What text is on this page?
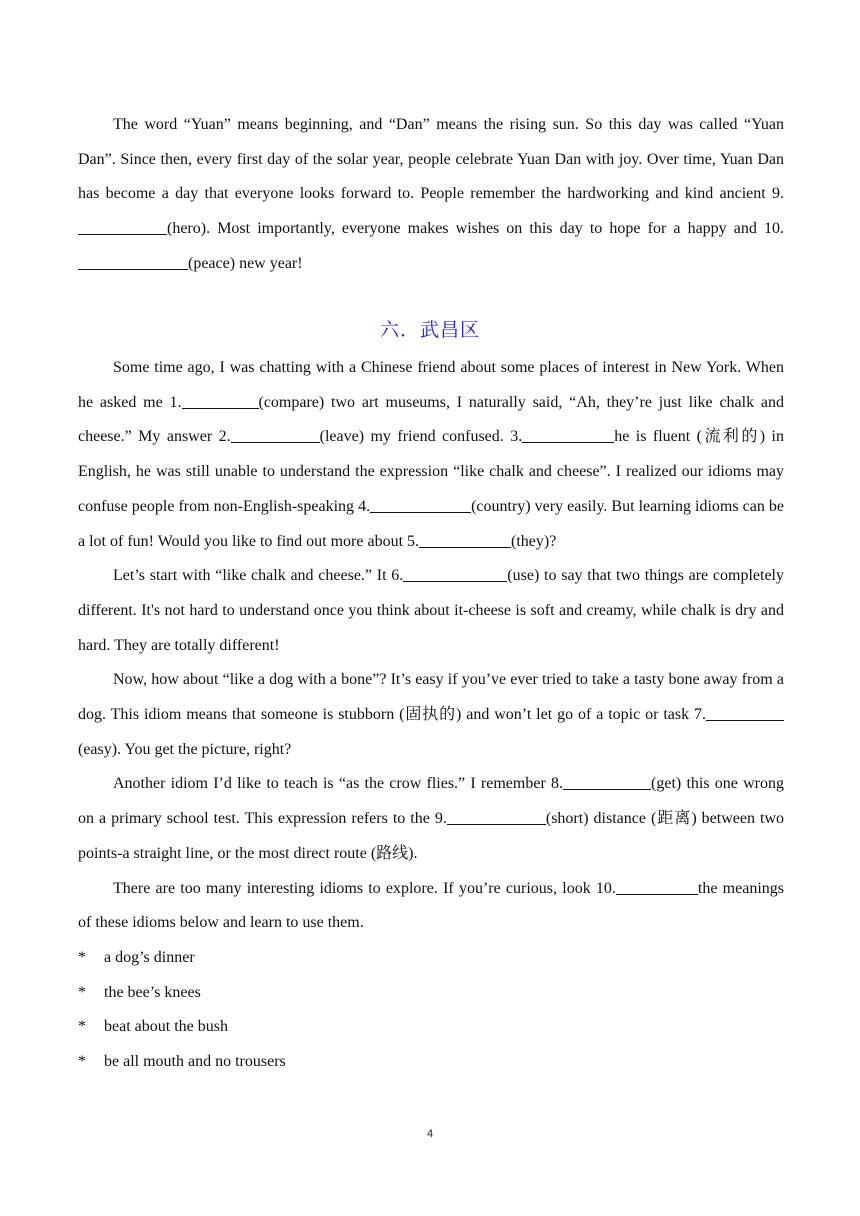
The word “Yuan” means beginning, and “Dan” means the rising sun. So this day was called “Yuan Dan”. Since then, every first day of the solar year, people celebrate Yuan Dan with joy. Over time, Yuan Dan has become a day that everyone looks forward to. People remember the hardworking and kind ancient 9.(hero). Most importantly, everyone makes wishes on this day to hope for a happy and 10.(peace) new year!

六．武昌区

Some time ago, I was chatting with a Chinese friend about some places of interest in New York. When he asked me 1.	(compare) two art museums, I naturally said, “Ah, they’re just like chalk and cheese.” My answer 2.	(leave) my friend confused. 3.	he is fluent (流利的) in English, he was still unable to understand the expression “like chalk and cheese”. I realized our idioms may confuse people from non-English-speaking 4.	(country) very easily. But learning idioms can be a lot of fun! Would you like to find out more about 5.	(they)?

Let’s start with “like chalk and cheese.” It 6.	(use) to say that two things are completely different. It's not hard to understand once you think about it-cheese is soft and creamy, while chalk is dry and hard. They are totally different!

Now, how about “like a dog with a bone”? It’s easy if you’ve ever tried to take a tasty bone away from a dog. This idiom means that someone is stubborn (固执的) and won’t let go of a topic or task 7.(easy). You get the picture, right?

Another idiom I’d like to teach is “as the crow flies.” I remember 8.	(get) this one wrong on a primary school test. This expression refers to the 9.	(short) distance (距离) between two points-a straight line, or the most direct route (路线).

There are too many interesting idioms to explore. If you’re curious, look 10.	the meanings of these idioms below and learn to use them.

* a dog’s dinner
* the bee’s knees
* beat about the bush
* be all mouth and no trousers
4
